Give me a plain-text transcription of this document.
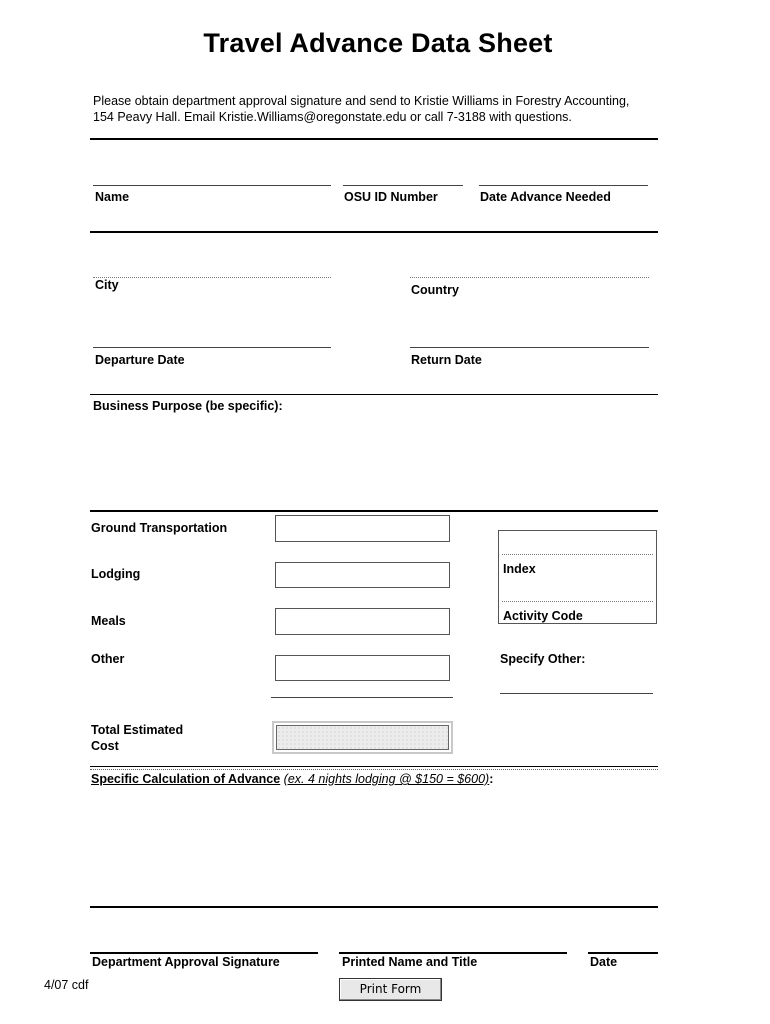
Travel Advance Data Sheet
Please obtain department approval signature and send to Kristie Williams in Forestry Accounting,
154 Peavy Hall. Email Kristie.Williams@oregonstate.edu or call 7-3188 with questions.
Name	OSU ID Number	Date Advance Needed
City	Country
Departure Date	Return Date
Business Purpose (be specific):
Ground Transportation
Lodging
Meals
Other
Total Estimated
Cost
Index
Activity Code
Specify Other:
Specific Calculation of Advance (ex. 4 nights lodging @ $150 = $600):
Department Approval Signature	Printed Name and Title	Date
4/07 cdf	Print Form
